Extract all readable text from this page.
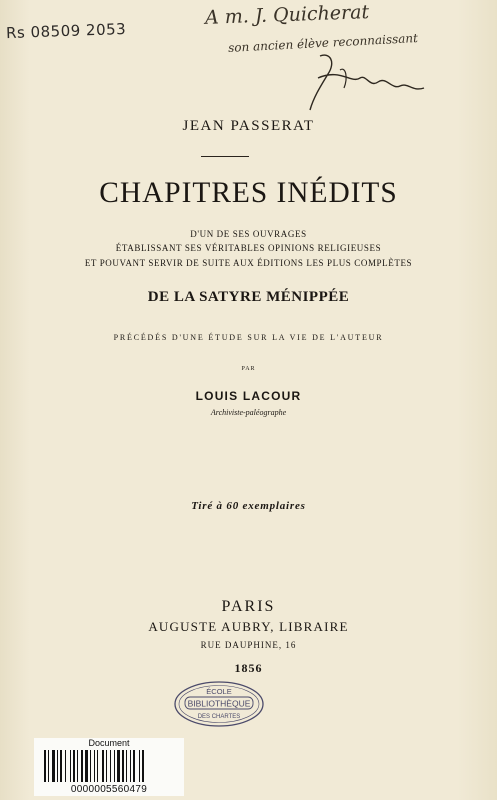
Rs 08509 2053
A m. J. Quicherat
son ancien élève reconnaissant
JEAN PASSERAT
CHAPITRES INÉDITS
D'UN DE SES OUVRAGES
ÉTABLISSANT SES VÉRITABLES OPINIONS RELIGIEUSES
ET POUVANT SERVIR DE SUITE AUX ÉDITIONS LES PLUS COMPLÈTES
DE LA SATYRE MÉNIPPÉE
PRÉCÉDÉS D'UNE ÉTUDE SUR LA VIE DE L'AUTEUR
PAR
LOUIS LACOUR
Archiviste-paléographe
Tiré à 60 exemplaires
PARIS
AUGUSTE AUBRY, LIBRAIRE
RUE DAUPHINE, 16
1856
ÉCOLE
BIBLIOTHÈQUE
DES CHARTES
Document
0000005560479
